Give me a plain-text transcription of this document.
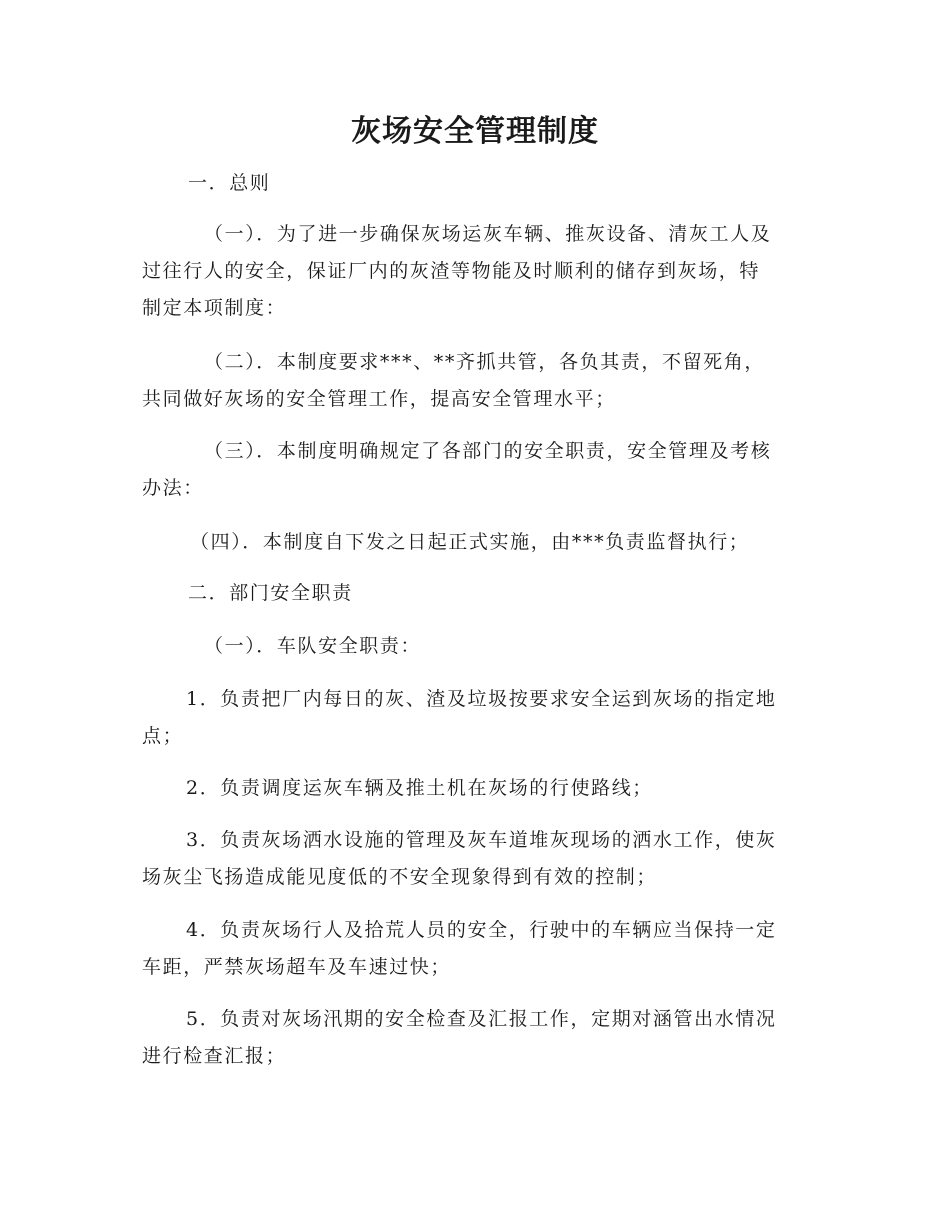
灰场安全管理制度
一．总则
（一）．为了进一步确保灰场运灰车辆、推灰设备、清灰工人及
过往行人的安全，保证厂内的灰渣等物能及时顺利的储存到灰场，特
制定本项制度：
（二）．本制度要求***、**齐抓共管，各负其责，不留死角，
共同做好灰场的安全管理工作，提高安全管理水平；
（三）．本制度明确规定了各部门的安全职责，安全管理及考核
办法：
（四）．本制度自下发之日起正式实施，由***负责监督执行；
二．部门安全职责
（一）．车队安全职责：
1．负责把厂内每日的灰、渣及垃圾按要求安全运到灰场的指定地
点；
2．负责调度运灰车辆及推土机在灰场的行使路线；
3．负责灰场洒水设施的管理及灰车道堆灰现场的洒水工作，使灰
场灰尘飞扬造成能见度低的不安全现象得到有效的控制；
4．负责灰场行人及拾荒人员的安全，行驶中的车辆应当保持一定
车距，严禁灰场超车及车速过快；
5．负责对灰场汛期的安全检查及汇报工作，定期对涵管出水情况
进行检查汇报；
